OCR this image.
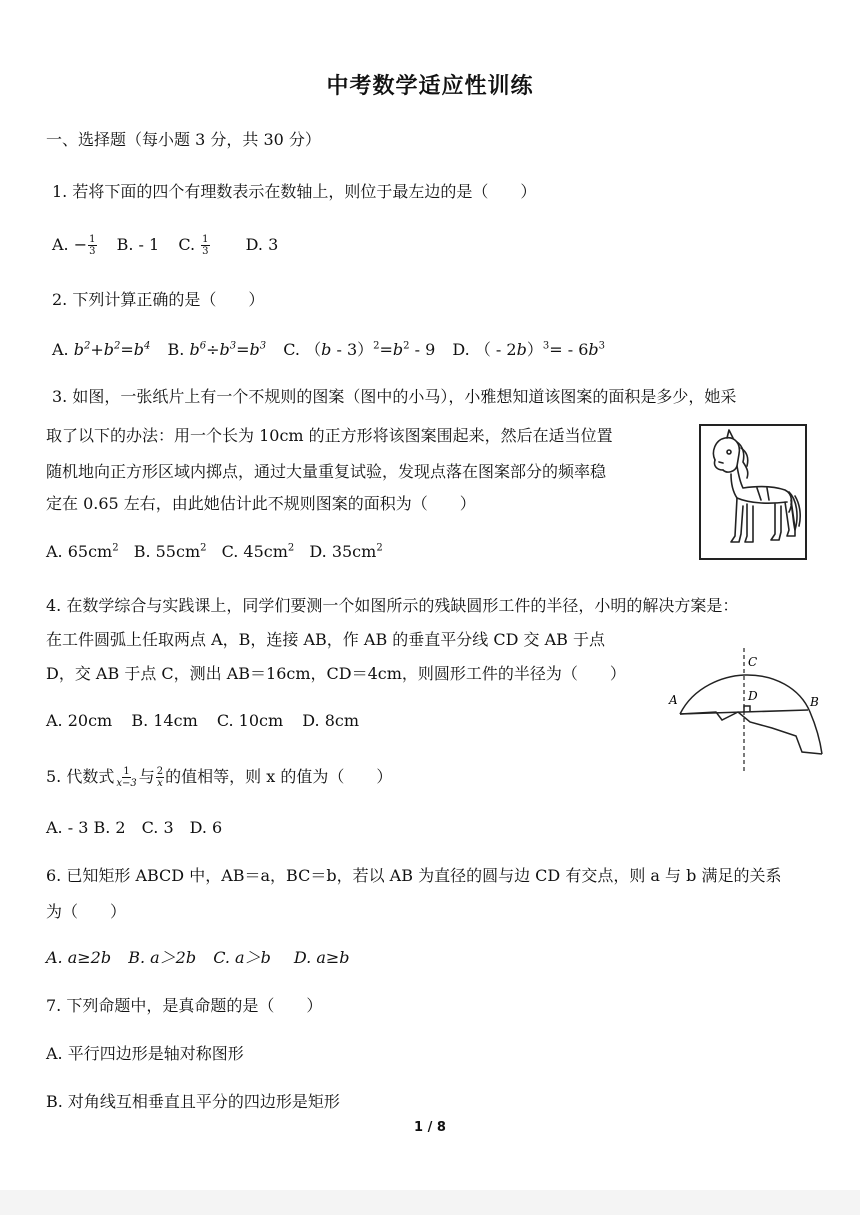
中考数学适应性训练
一、选择题（每小题 3 分，共 30 分）
1. 若将下面的四个有理数表示在数轴上，则位于最左边的是（　　）
A. − $\frac{1}{3} B$. - 1 C. $\frac{1}{3} D$. 3
2. 下列计算正确的是（　　）
A. $b^2+b^2=b^4$ B. $b^6\div b^3=b^3$ C. $(b - 3)^2=b^2 - 9$ D. （ - $2b)^3= - 6b^3$
3. 如图，一张纸片上有一个不规则的图案（图中的小马），小雅想知道该图案的面积是多少，她采
取了以下的办法：用一个长为 10cm 的正方形将该图案围起来，然后在适当位置
随机地向正方形区域内掷点，通过大量重复试验，发现点落在图案部分的频率稳
定在 0.65 左右，由此她估计此不规则图案的面积为（　　）
A. $65cm^2$ B. $55cm^2$ C. $45cm^2$ D. $35cm^2$
4. 在数学综合与实践课上，同学们要测一个如图所示的残缺圆形工件的半径，小明的解决方案是：
在工件圆弧上任取两点 A，B，连接 AB，作 AB 的垂直平分线 CD 交 AB 于点
D，交 AB 于点 C，测出 AB＝16cm，CD＝4cm，则圆形工件的半径为（　　）
A. 20cm B. 14cm C. 10cm D. 8cm
A	B
C
D
5. 代数式 $\frac{1}{x-3}$ 与 $\frac{2}{x}$ 的值相等，则 x 的值为（　　）
A. - 3 B. 2　C. 3　D. 6
6. 已知矩形 ABCD 中，AB＝a，BC＝b，若以 AB 为直径的圆与边 CD 有交点，则 a 与 b 满足的关系
为（　　）
A. a≥2b B. a＞2b C. a＞b D. a≥b
7. 下列命题中，是真命题的是（　　）
A. 平行四边形是轴对称图形
B. 对角线互相垂直且平分的四边形是矩形
1 / 8
